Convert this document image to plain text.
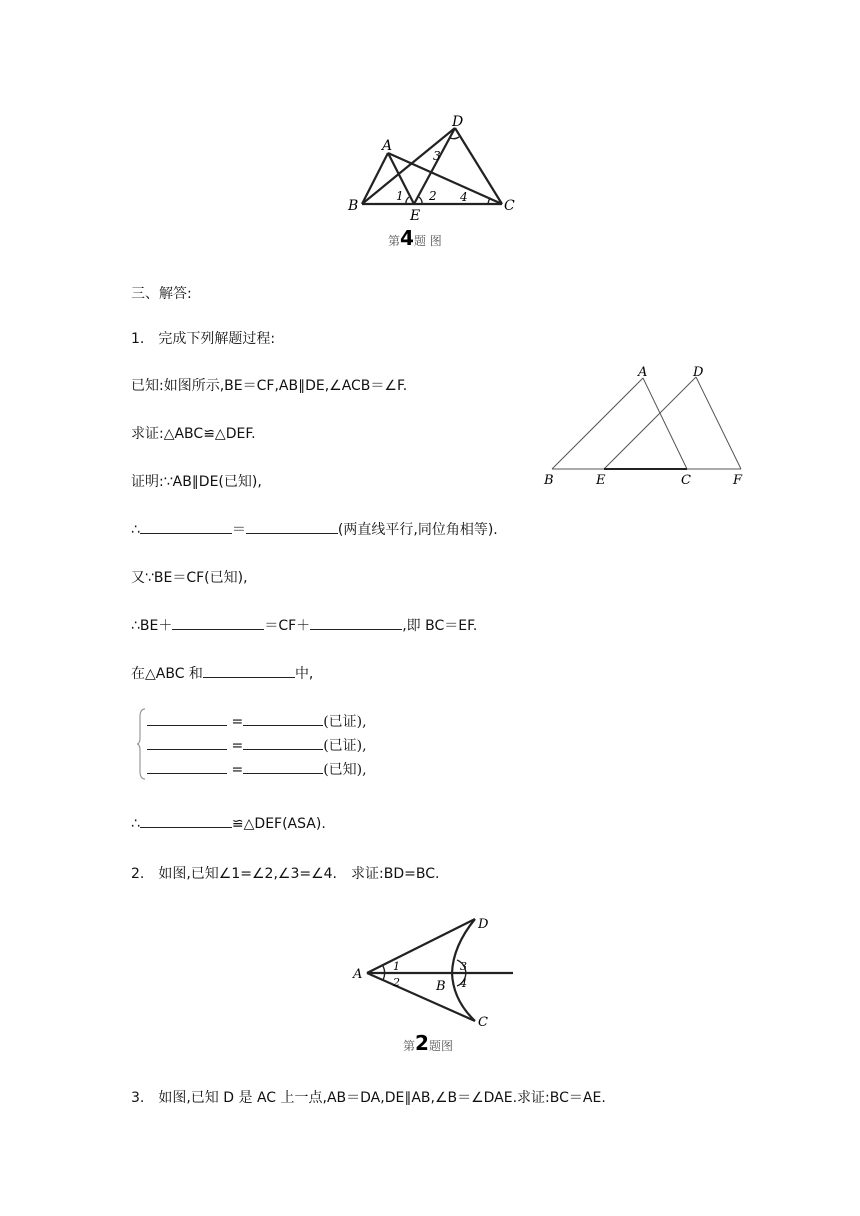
A
D
B	C
E
1 2
3
4
第4题 图
三、解答:
1.　完成下列解题过程:
已知:如图所示,BE＝CF,AB∥DE,∠ACB＝∠F.
求证:△ABC≌△DEF.
证明:∵AB∥DE(已知),
A	D
B	E	C	F
∴	＝	(两直线平行,同位角相等).
又∵BE＝CF(已知),
∴BE＋	＝CF＋	,即 BC＝EF.
在△ABC 和	中,
=	(已证),
=	(已证),
=	(已知),
∴	≌△DEF(ASA).
2.　如图,已知∠1=∠2,∠3=∠4.　求证:BD=BC.
A
D
C
B
1
2
3
4
第2题图
3.　如图,已知 D 是 AC 上一点,AB＝DA,DE∥AB,∠B＝∠DAE.求证:BC＝AE.
